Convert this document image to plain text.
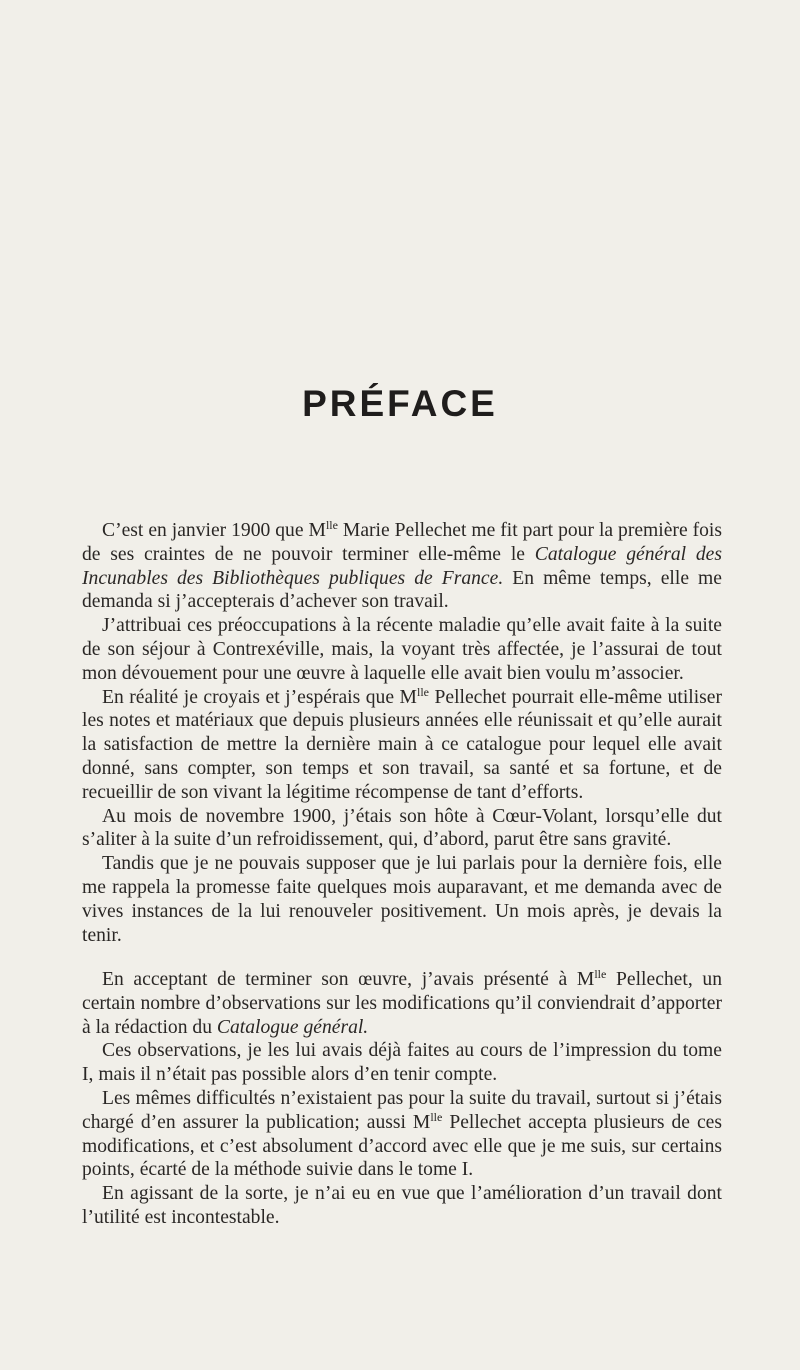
PRÉFACE

C’est en janvier 1900 que $M^{lle}$ Marie Pellechet me fit part pour la première fois de ses craintes de ne pouvoir terminer elle-même le Catalogue général des Incunables des Bibliothèques publiques de France. En même temps, elle me demanda si j’accepterais d’achever son travail.

J’attribuai ces préoccupations à la récente maladie qu’elle avait faite à la suite de son séjour à Contrexéville, mais, la voyant très affectée, je l’assurai de tout mon dévouement pour une œuvre à laquelle elle avait bien voulu m’associer.

En réalité je croyais et j’espérais que $M^{lle}$ Pellechet pourrait elle-même utiliser les notes et matériaux que depuis plusieurs années elle réunissait et qu’elle aurait la satisfaction de mettre la dernière main à ce catalogue pour lequel elle avait donné, sans compter, son temps et son travail, sa santé et sa fortune, et de recueillir de son vivant la légitime récompense de tant d’efforts.

Au mois de novembre 1900, j’étais son hôte à Cœur-Volant, lorsqu’elle dut s’aliter à la suite d’un refroidissement, qui, d’abord, parut être sans gravité.

Tandis que je ne pouvais supposer que je lui parlais pour la dernière fois, elle me rappela la promesse faite quelques mois auparavant, et me demanda avec de vives instances de la lui renouveler positivement. Un mois après, je devais la tenir.

En acceptant de terminer son œuvre, j’avais présenté à $M^{lle}$ Pellechet, un certain nombre d’observations sur les modifications qu’il conviendrait d’apporter à la rédaction du Catalogue général.

Ces observations, je les lui avais déjà faites au cours de l’impression du tome I, mais il n’était pas possible alors d’en tenir compte.

Les mêmes difficultés n’existaient pas pour la suite du travail, surtout si j’étais chargé d’en assurer la publication; aussi $M^{lle}$ Pellechet accepta plusieurs de ces modifications, et c’est absolument d’accord avec elle que je me suis, sur certains points, écarté de la méthode suivie dans le tome I.

En agissant de la sorte, je n’ai eu en vue que l’amélioration d’un travail dont l’utilité est incontestable.
